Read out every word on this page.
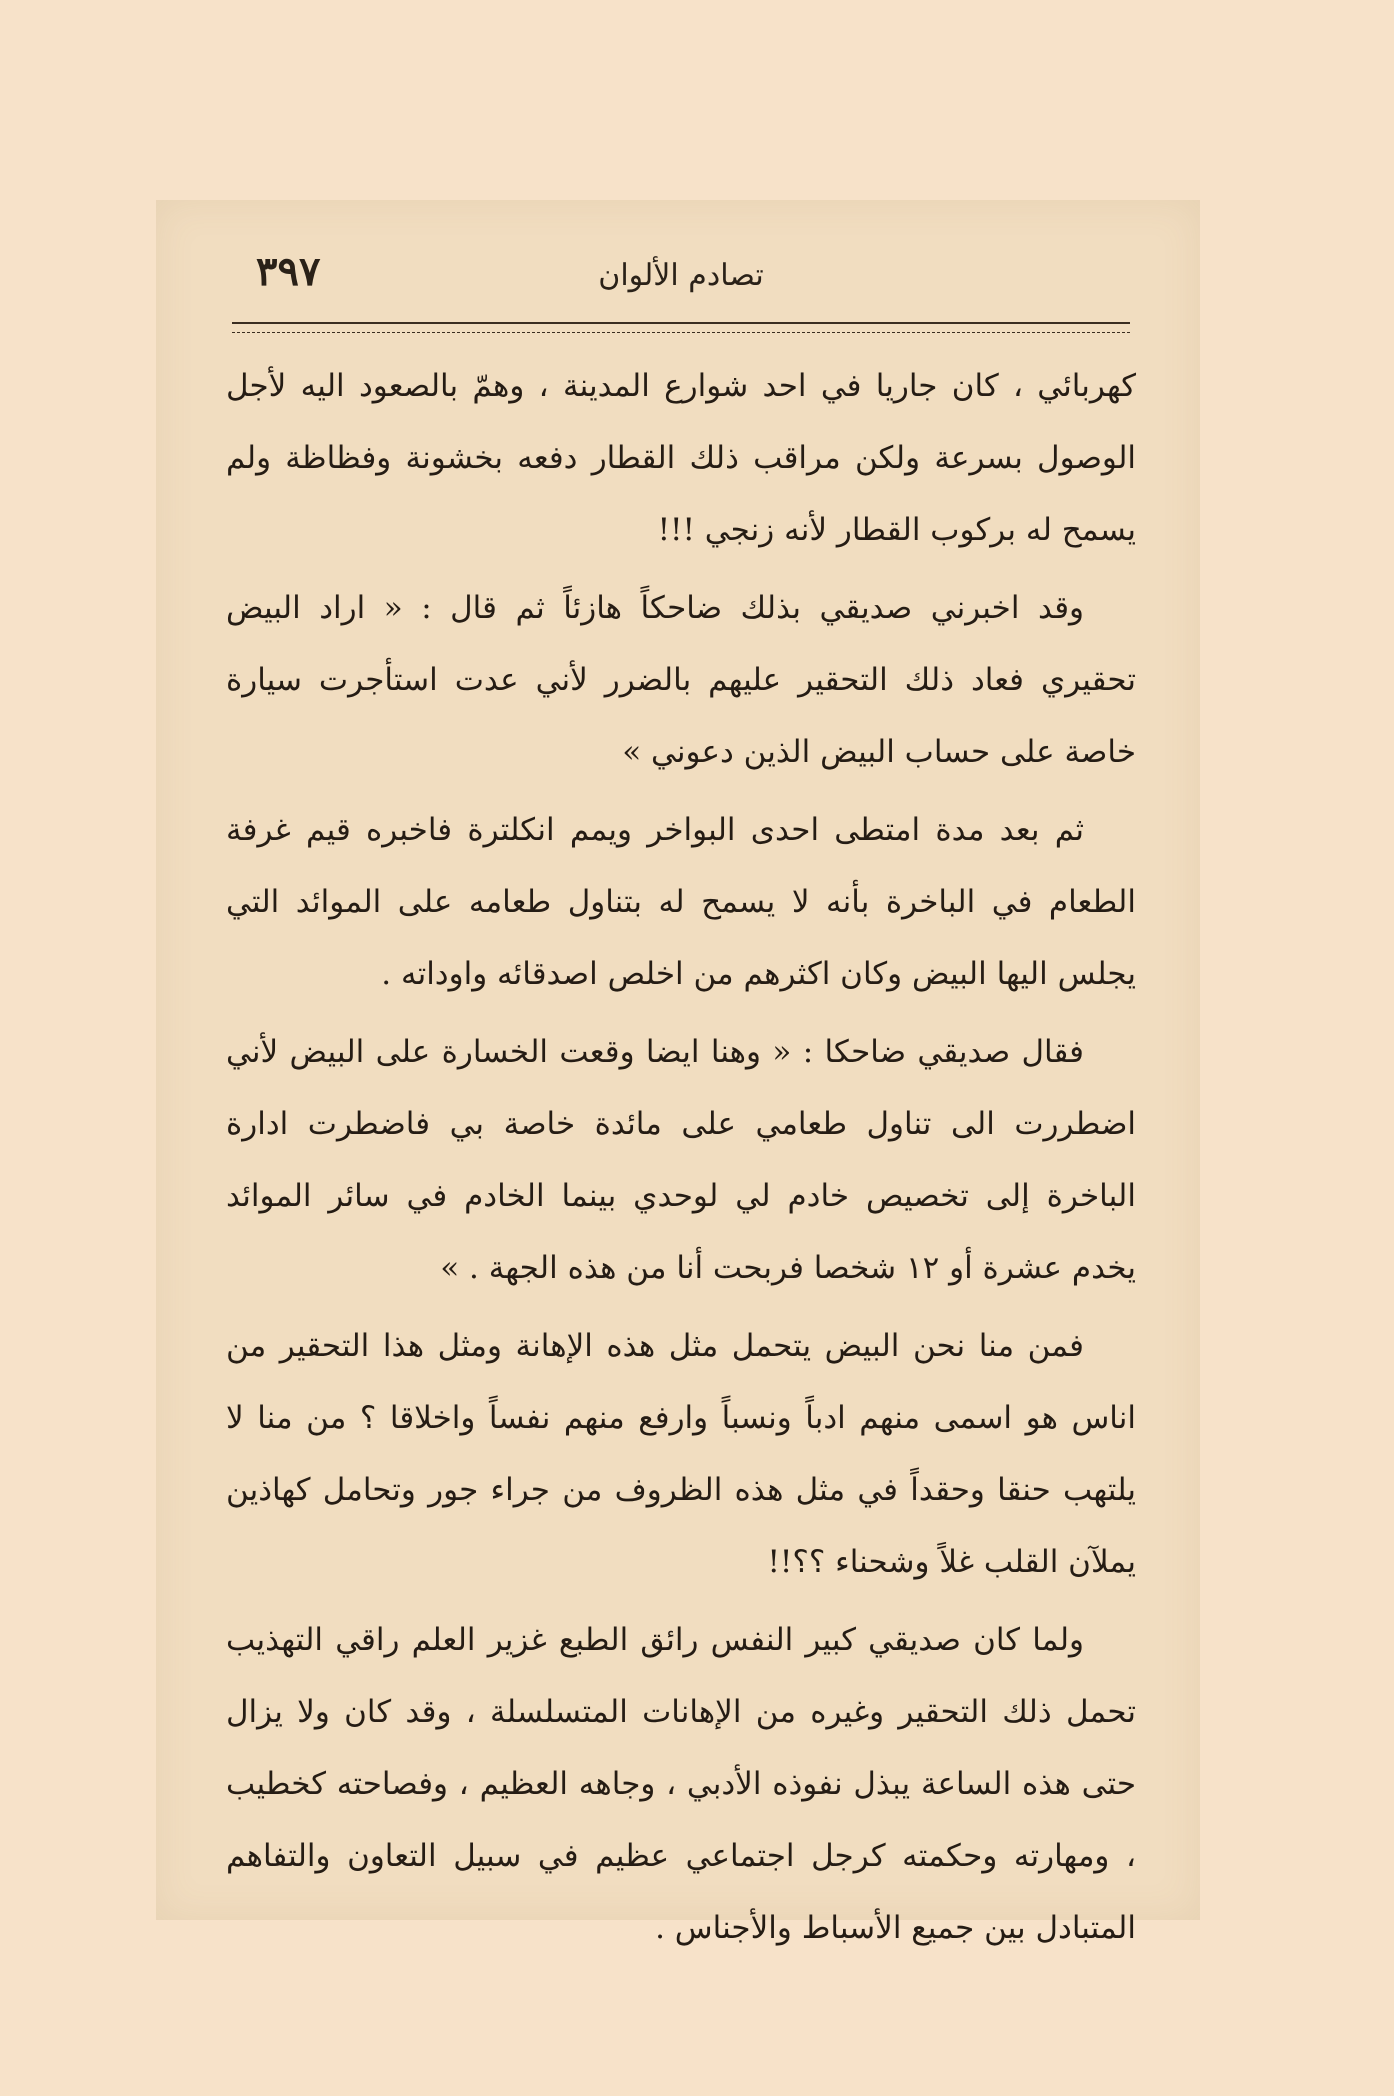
٣٩٧	تصادم الألوان

كهربائي ، كان جاريا في احد شوارع المدينة ، وهمّ بالصعود اليه لأجل الوصول بسرعة ولكن مراقب ذلك القطار دفعه بخشونة وفظاظة ولم يسمح له بركوب القطار لأنه زنجي !!!

وقد اخبرني صديقي بذلك ضاحكاً هازئاً ثم قال : « اراد البيض تحقيري فعاد ذلك التحقير عليهم بالضرر لأني عدت استأجرت سيارة خاصة على حساب البيض الذين دعوني »

ثم بعد مدة امتطى احدى البواخر ويمم انكلترة فاخبره قيم غرفة الطعام في الباخرة بأنه لا يسمح له بتناول طعامه على الموائد التي يجلس اليها البيض وكان اكثرهم من اخلص اصدقائه واوداته .

فقال صديقي ضاحكا : « وهنا ايضا وقعت الخسارة على البيض لأني اضطررت الى تناول طعامي على مائدة خاصة بي فاضطرت ادارة الباخرة إلى تخصيص خادم لي لوحدي بينما الخادم في سائر الموائد يخدم عشرة أو ١٢ شخصا فربحت أنا من هذه الجهة . »

فمن منا نحن البيض يتحمل مثل هذه الإهانة ومثل هذا التحقير من اناس هو اسمى منهم ادباً ونسباً وارفع منهم نفساً واخلاقا ؟ من منا لا يلتهب حنقا وحقداً في مثل هذه الظروف من جراء جور وتحامل كهاذين يملآن القلب غلاً وشحناء ؟؟!!

ولما كان صديقي كبير النفس رائق الطبع غزير العلم راقي التهذيب تحمل ذلك التحقير وغيره من الإهانات المتسلسلة ، وقد كان ولا يزال حتى هذه الساعة يبذل نفوذه الأدبي ، وجاهه العظيم ، وفصاحته كخطيب ، ومهارته وحكمته كرجل اجتماعي عظيم في سبيل التعاون والتفاهم المتبادل بين جميع الأسباط والأجناس .
